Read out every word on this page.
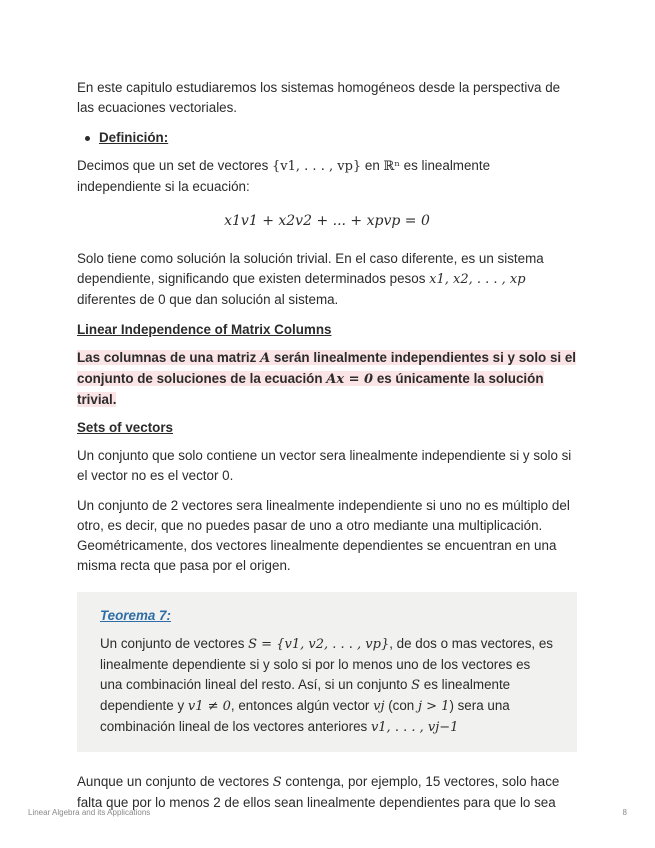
En este capitulo estudiaremos los sistemas homogéneos desde la perspectiva de las ecuaciones vectoriales.

Definición:

Decimos que un set de vectores {v1, . . . , vp} en ℝⁿ es linealmente independiente si la ecuación:

x1v1 + x2v2 + ... + xpvp = 0

Solo tiene como solución la solución trivial. En el caso diferente, es un sistema dependiente, significando que existen determinados pesos x1, x2, . . . , xp diferentes de 0 que dan solución al sistema.

Linear Independence of Matrix Columns
Las columnas de una matriz A serán linealmente independientes si y solo si el conjunto de soluciones de la ecuación Ax = 0 es únicamente la solución trivial.
Sets of vectors

Un conjunto que solo contiene un vector sera linealmente independiente si y solo si el vector no es el vector 0.

Un conjunto de 2 vectores sera linealmente independiente si uno no es múltiplo del otro, es decir, que no puedes pasar de uno a otro mediante una multiplicación. Geométricamente, dos vectores linealmente dependientes se encuentran en una misma recta que pasa por el origen.

Teorema 7:

Un conjunto de vectores S = {v1, v2, . . . , vp}, de dos o mas vectores, es linealmente dependiente si y solo si por lo menos uno de los vectores es una combinación lineal del resto. Así, si un conjunto S es linealmente dependiente y v1 ≠ 0, entonces algún vector vj (con j > 1) sera una combinación lineal de los vectores anteriores v1, . . . , vj−1

Aunque un conjunto de vectores S contenga, por ejemplo, 15 vectores, solo hace falta que por lo menos 2 de ellos sean linealmente dependientes para que lo sea

Linear Algebra and its Applications	8
